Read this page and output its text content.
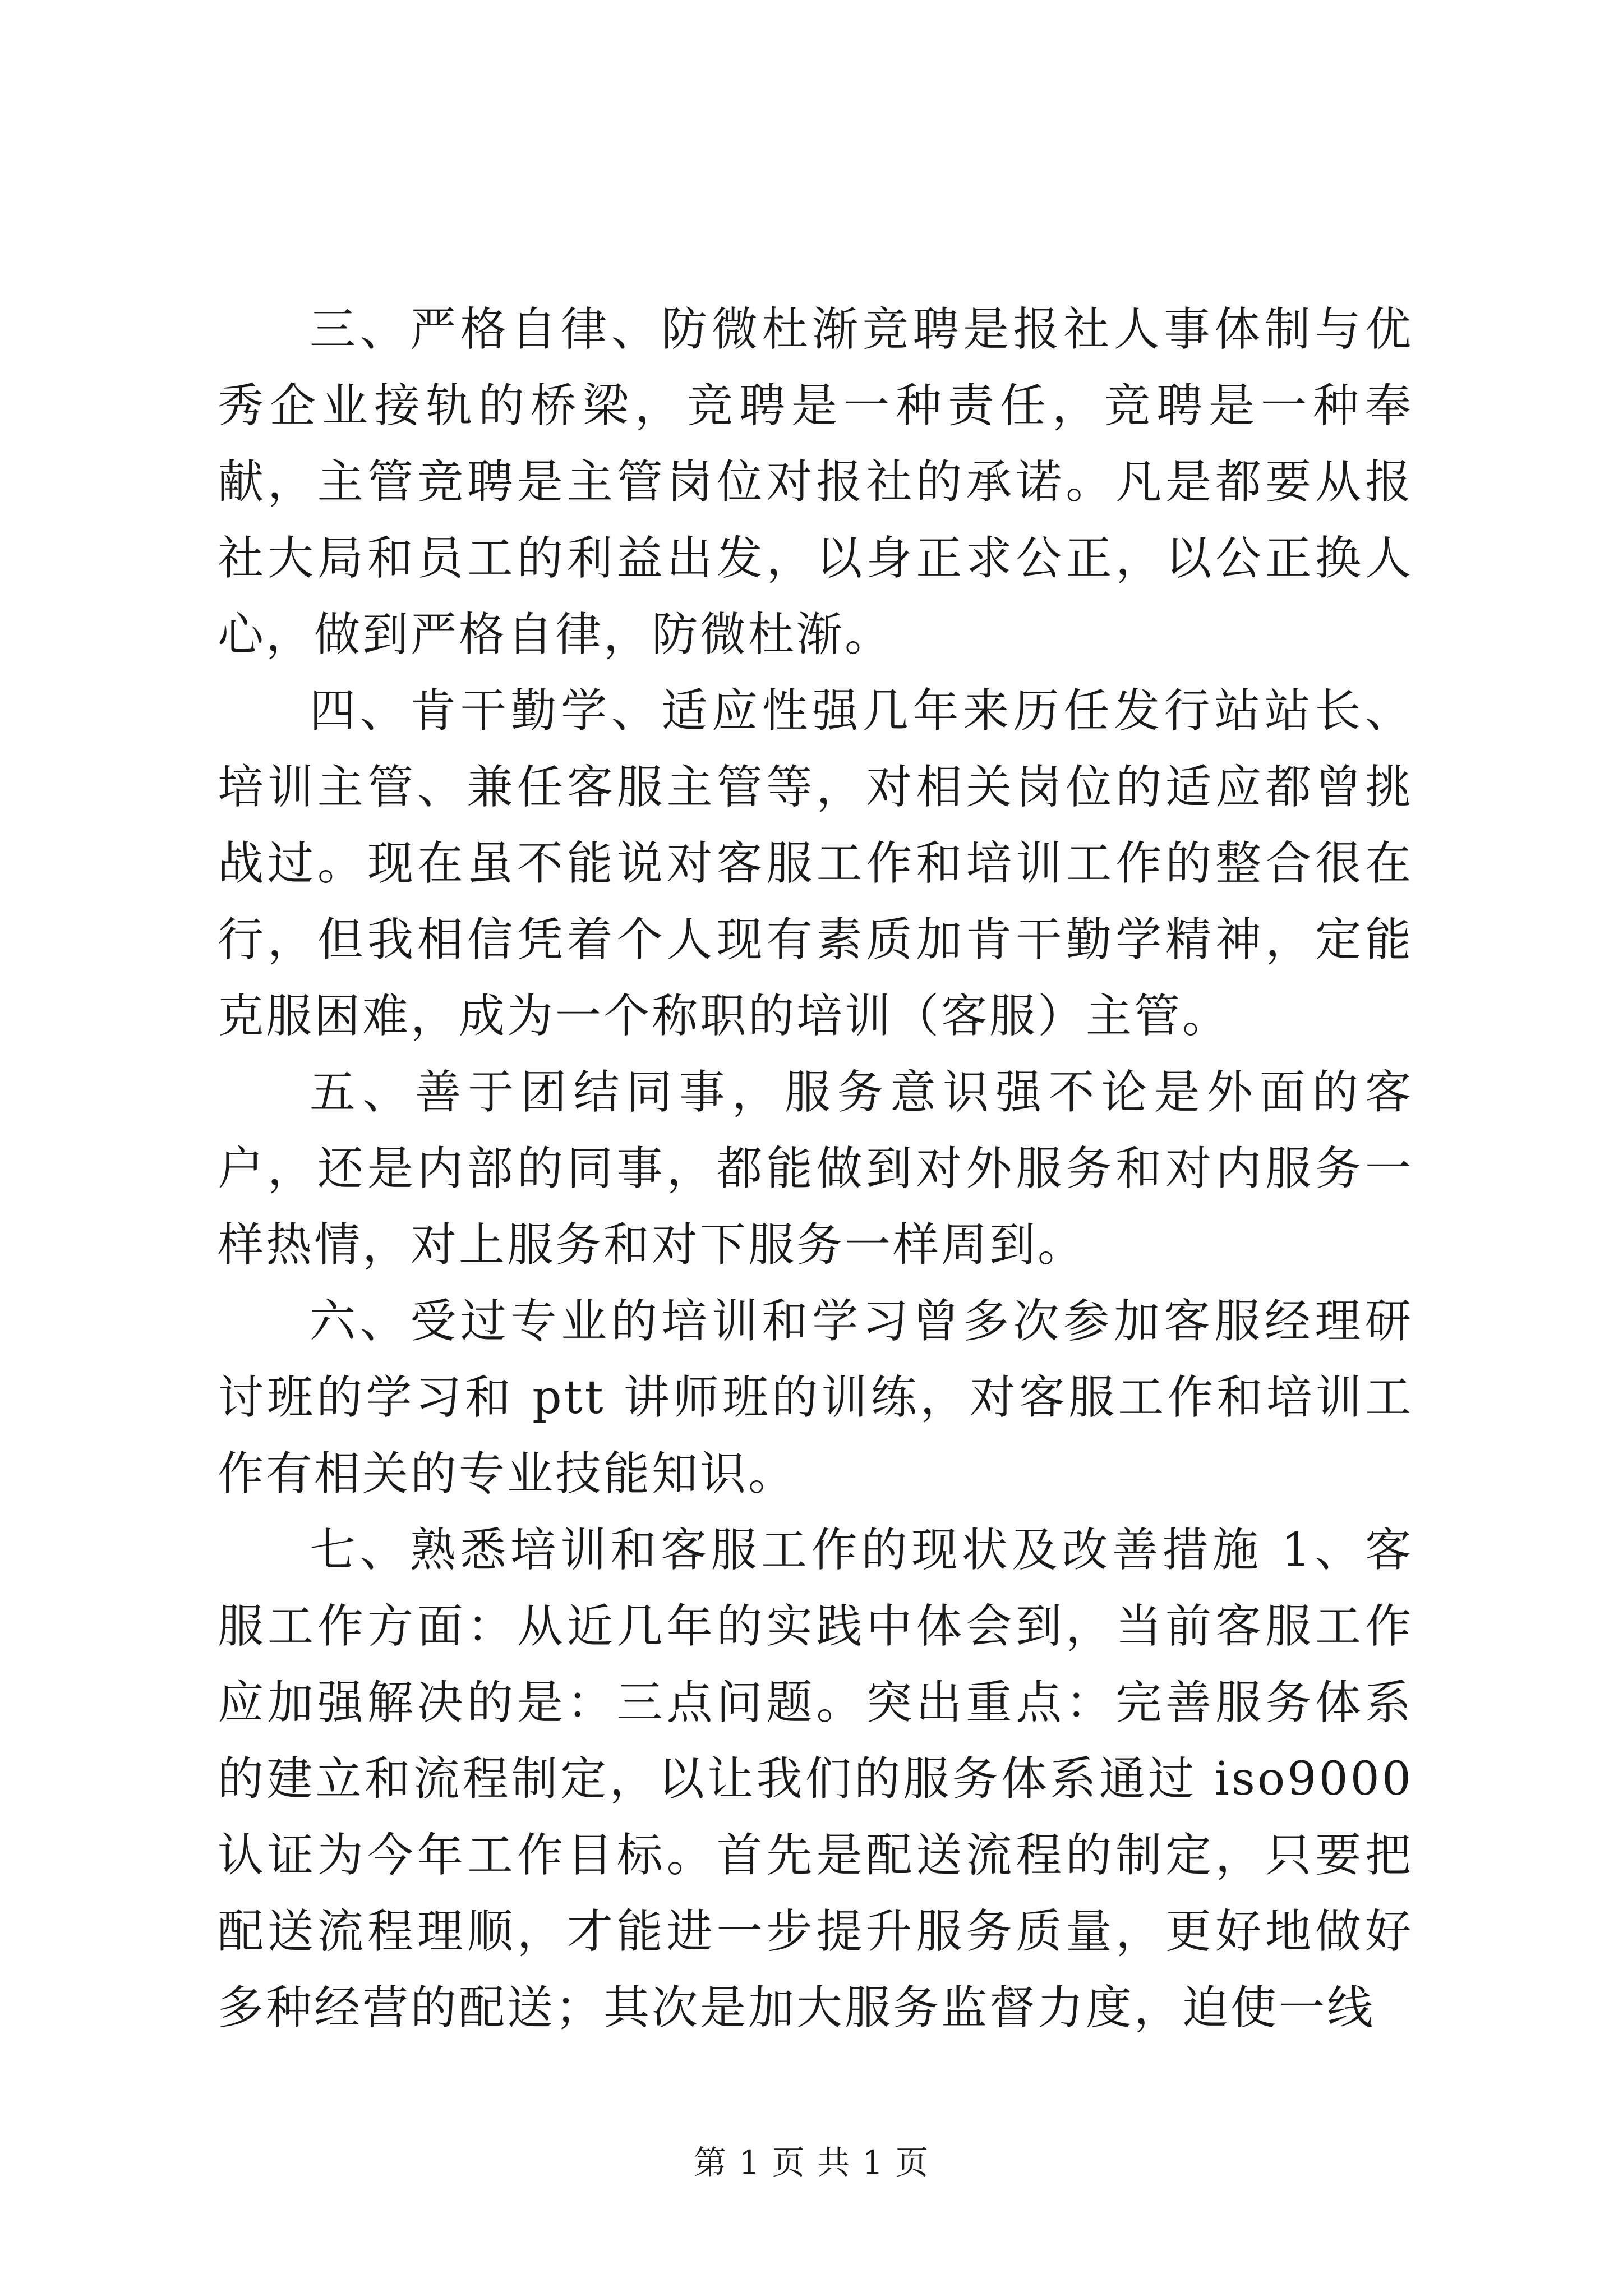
三、严格自律、防微杜渐竞聘是报社人事体制与优秀企业接轨的桥梁，竞聘是一种责任，竞聘是一种奉献，主管竞聘是主管岗位对报社的承诺。凡是都要从报社大局和员工的利益出发，以身正求公正，以公正换人心，做到严格自律，防微杜渐。

四、肯干勤学、适应性强几年来历任发行站站长、培训主管、兼任客服主管等，对相关岗位的适应都曾挑战过。现在虽不能说对客服工作和培训工作的整合很在行，但我相信凭着个人现有素质加肯干勤学精神，定能克服困难，成为一个称职的培训（客服）主管。

五、善于团结同事，服务意识强不论是外面的客户，还是内部的同事，都能做到对外服务和对内服务一样热情，对上服务和对下服务一样周到。

六、受过专业的培训和学习曾多次参加客服经理研讨班的学习和 ptt 讲师班的训练，对客服工作和培训工作有相关的专业技能知识。

七、熟悉培训和客服工作的现状及改善措施 1、客服工作方面：从近几年的实践中体会到，当前客服工作应加强解决的是：三点问题。突出重点：完善服务体系的建立和流程制定，以让我们的服务体系通过 iso9000 认证为今年工作目标。首先是配送流程的制定，只要把配送流程理顺，才能进一步提升服务质量，更好地做好多种经营的配送；其次是加大服务监督力度，迫使一线

第 1 页 共 1 页
